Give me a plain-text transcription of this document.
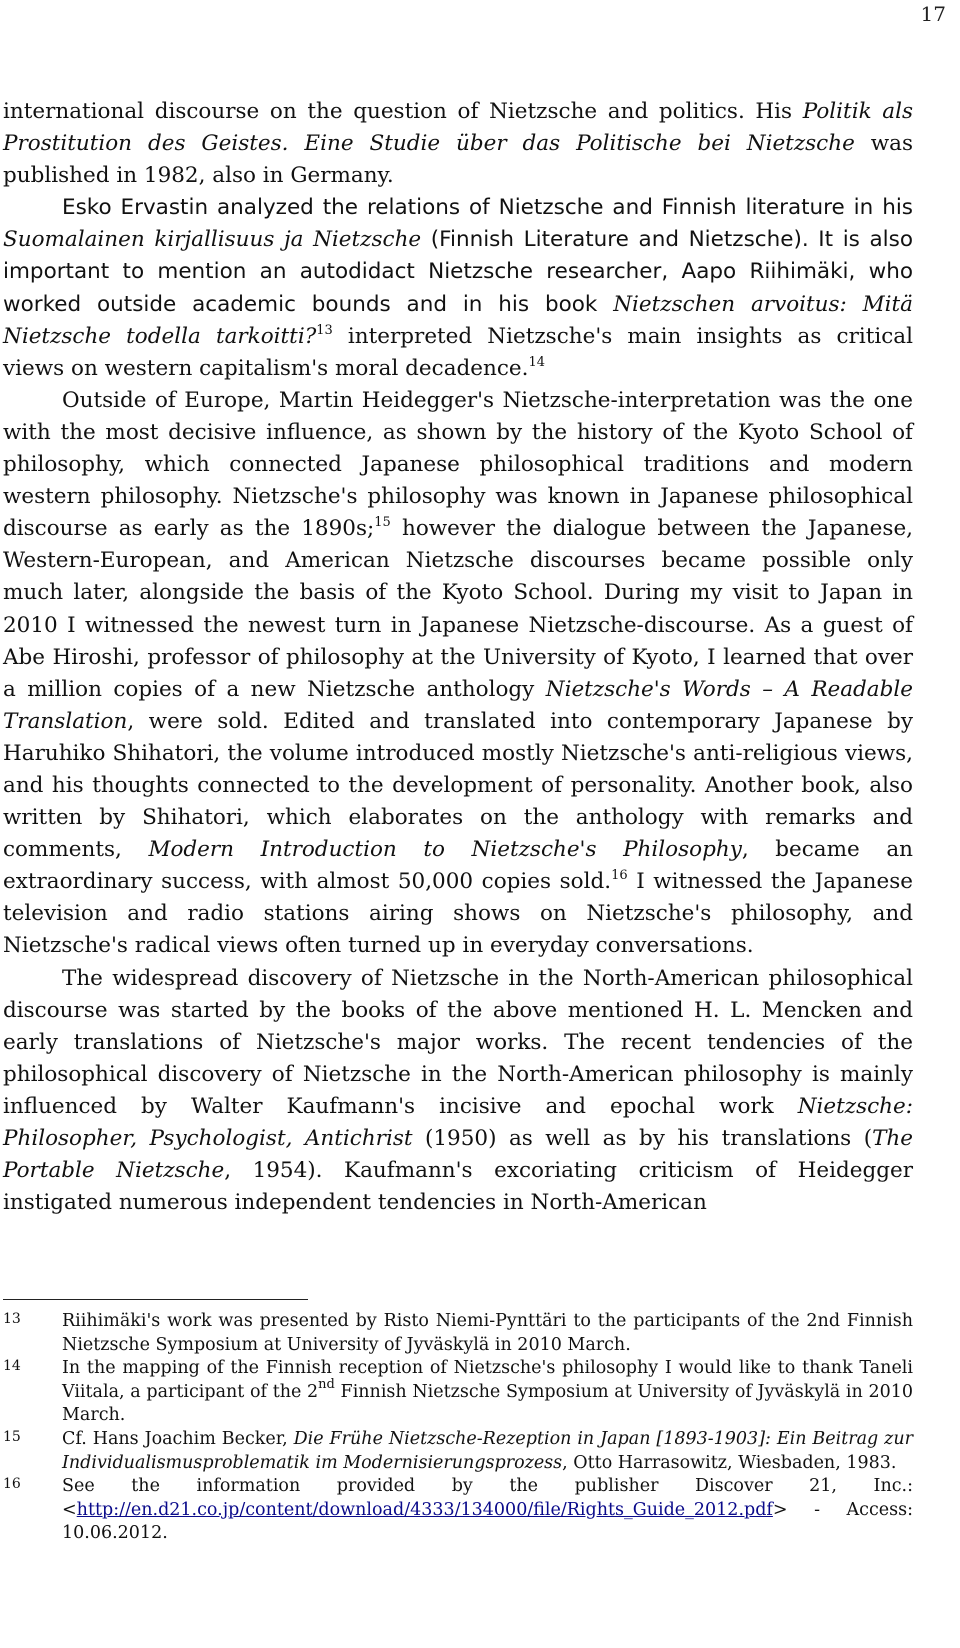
17

international discourse on the question of Nietzsche and politics. His Politik als Prostitution des Geistes. Eine Studie über das Politische bei Nietzsche was published in 1982, also in Germany.

Esko Ervastin analyzed the relations of Nietzsche and Finnish literature in his Suomalainen kirjallisuus ja Nietzsche (Finnish Literature and Nietzsche). It is also important to mention an autodidact Nietzsche researcher, Aapo Riihimäki, who worked outside academic bounds and in his book Nietzschen arvoitus: Mitä Nietzsche todella tarkoitti?$^{13}$ interpreted Nietzsche's main insights as critical views on western capitalism's moral decadence.$^{14}$

Outside of Europe, Martin Heidegger's Nietzsche-interpretation was the one with the most decisive influence, as shown by the history of the Kyoto School of philosophy, which connected Japanese philosophical traditions and modern western philosophy. Nietzsche's philosophy was known in Japanese philosophical discourse as early as the 1890s;$^{15}$ however the dialogue between the Japanese, Western-European, and American Nietzsche discourses became possible only much later, alongside the basis of the Kyoto School. During my visit to Japan in 2010 I witnessed the newest turn in Japanese Nietzsche-discourse. As a guest of Abe Hiroshi, professor of philosophy at the University of Kyoto, I learned that over a million copies of a new Nietzsche anthology Nietzsche's Words – A Readable Translation, were sold. Edited and translated into contemporary Japanese by Haruhiko Shihatori, the volume introduced mostly Nietzsche's anti-religious views, and his thoughts connected to the development of personality. Another book, also written by Shihatori, which elaborates on the anthology with remarks and comments, Modern Introduction to Nietzsche's Philosophy, became an extraordinary success, with almost 50,000 copies sold.$^{16}$ I witnessed the Japanese television and radio stations airing shows on Nietzsche's philosophy, and Nietzsche's radical views often turned up in everyday conversations.

The widespread discovery of Nietzsche in the North-American philosophical discourse was started by the books of the above mentioned H. L. Mencken and early translations of Nietzsche's major works. The recent tendencies of the philosophical discovery of Nietzsche in the North-American philosophy is mainly influenced by Walter Kaufmann's incisive and epochal work Nietzsche: Philosopher, Psychologist, Antichrist (1950) as well as by his translations (The Portable Nietzsche, 1954). Kaufmann's excoriating criticism of Heidegger instigated numerous independent tendencies in North-American

13	Riihimäki's work was presented by Risto Niemi-Pynttäri to the participants of the 2nd Finnish Nietzsche Symposium at University of Jyväskylä in 2010 March.
14	In the mapping of the Finnish reception of Nietzsche's philosophy I would like to thank Taneli Viitala, a participant of the 2nd Finnish Nietzsche Symposium at University of Jyväskylä in 2010 March.
15	Cf. Hans Joachim Becker, Die Frühe Nietzsche-Rezeption in Japan [1893-1903]: Ein Beitrag zur Individualismusproblematik im Modernisierungsprozess, Otto Harrasowitz, Wiesbaden, 1983.
16	See the information provided by the publisher Discover 21, Inc.: <http://en.d21.co.jp/content/download/4333/134000/file/Rights_Guide_2012.pdf> - Access: 10.06.2012.
